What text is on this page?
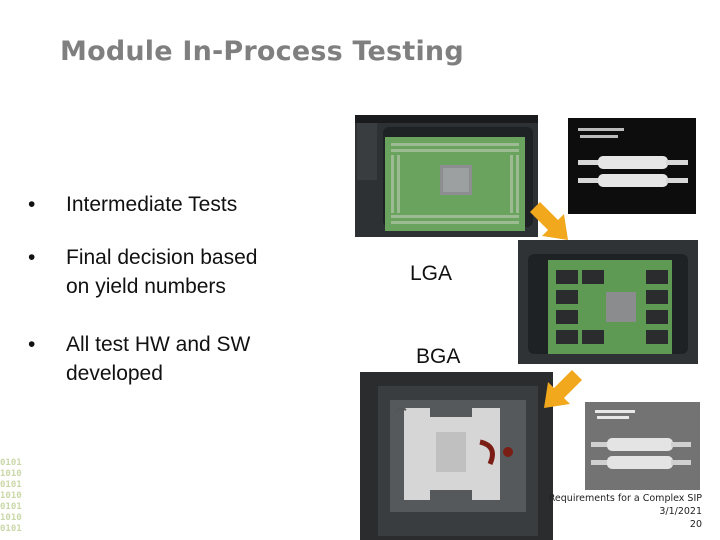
Module In-Process Testing
• Intermediate Tests
• Final decision based
on yield numbers
• All test HW and SW
developed
LGA
BGA
0101
1010
0101
1010
0101
1010
0101
Requirements for a Complex SIP
3/1/2021
20
